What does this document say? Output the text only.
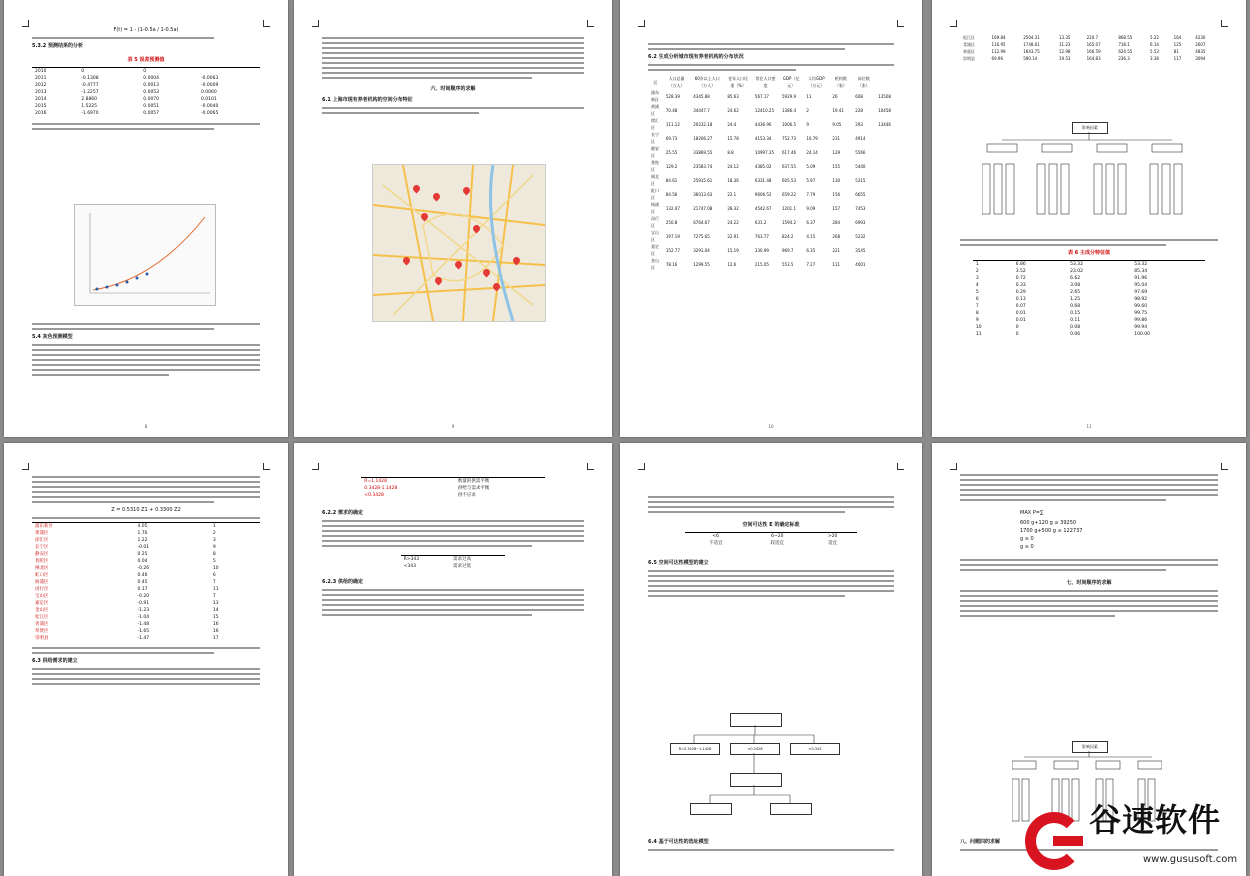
F(t) = 1 - (1-0.5a / 1-0.5a)
5.3.2 预测结果的分析
表 5 误差预测值
2010	0	0	
2011	-0.1308	0.0004	-0.0063
2012	-0.4777	0.0013	-0.0009
2013	-1.2257	0.0053	0.0060
2014	2.8860	0.0070	0.0101
2015	1.5225	0.0051	-0.0040
2016	-1.6970	0.0057	-0.0065
5.4 灰色预测模型
8
六、时间顺序的求解
6.1 上海市现有养老机构的空间分布特征
9
6.2 生成分析城市现有养老机构的分布状况
区	人口总量（万人）	60岁以上人口（万人）	老年人口比重（%）	常住人口密度	GDP（亿元）	人均GDP（万元）	机构数（家）	床位数（张）	
浦东新区	528.39	4345.88	85.63	567.17	5929.9	11	26	608	13508
黄浦区	70.48	34447.7	24.62	12410.25	1386.4	2	19.41	228	10458
徐汇区	111.12	20232.18	24.4	4436.96	1006.5	9	9.05	293	13446
长宁区	69.73	18206.27	15.78	4153.34	752.73	10.79	231	4914	
静安区	25.55	33869.55	8.8	10997.35	617.46	24.14	129	5566	
普陀区	129.2	23583.74	24.12	4385.02	637.55	5.09	155	5440	
闸北区	84.61	25915.61	18.36	6331.48	605.53	5.97	130	5315	
虹口区	84.56	36013.63	22.1	9606.52	659.22	7.79	156	6655	
杨浦区	132.07	21747.08	28.32	4542.67	1201.1	9.09	157	7453	
闵行区	250.8	6764.67	24.22	631.2	1594.2	6.37	284	6993	
宝山区	197.19	7275.65	22.91	763.77	824.2	4.15	268	5232	
嘉定区	152.77	3291.04	15.19	330.99	969.7	6.35	221	3545	
金山区	78.16	1299.55	12.6	215.05	553.5	7.27	111	4001	
10
松江区	169.84	2504.31	13.35	220.7	868.55	5.22	164	4230
青浦区	116.95	1748.61	11.23	165.07	718.1	6.14	125	2607
奉贤区	112.99	1643.75	12.98	166.59	624.55	5.53	81	4835
崇明县	69.96	590.14	19.53	164.83	236.3	3.38	117	3094
影响因素
表 6 主成分特征值
1	6.86	53.32	53.32
2	3.52	23.02	85.34
3	0.72	6.62	91.96
4	0.33	3.08	95.04
5	0.29	2.65	97.69
6	0.13	1.25	98.92
7	0.07	0.68	99.60
8	0.01	0.15	99.75
9	0.01	0.11	99.86
10	0	0.08	99.94
11	0	0.06	100.00
11
Z = 0.5310 Z1 + 0.3300 Z2
浦东新区	4.05	1
黄浦区	1.76	2
徐汇区	1.22	3
长宁区	-0.01	9
静安区	0.25	8
普陀区	0.04	5
闸北区	-0.26	10
虹口区	0.46	6
杨浦区	0.45	7
闵行区	0.17	11
宝山区	-0.20	7
嘉定区	-0.91	13
金山区	-1.23	14
松江区	-1.04	15
青浦区	-1.48	16
奉贤区	-1.65	16
崇明县	-1.47	17
6.3 供给需求的建立
R=1.1428	数量的供需平衡
0.3428-1.1428	供给与需求平衡
<0.3428	供不应求
6.2.2 需求的确定
R>343	需求过高
<343	需求过低
6.2.3 供给的确定
空间可达性 E 的确定标准
<6	6~20	>20
不适宜	较适宜	适宜
6.5 空间可达性模型的建立
R=0.3428~1.1428	<0.3428	>0.343
6.4 基于可达性的选址模型
MAX P=∑
600 g+120 g ≥ 39250
1700 g+500 g ≤ 122737
g ≥ 0
g ≥ 0
七、时间顺序的求解
影响因素
八、问题四的求解
谷速软件
www.gususoft.com
